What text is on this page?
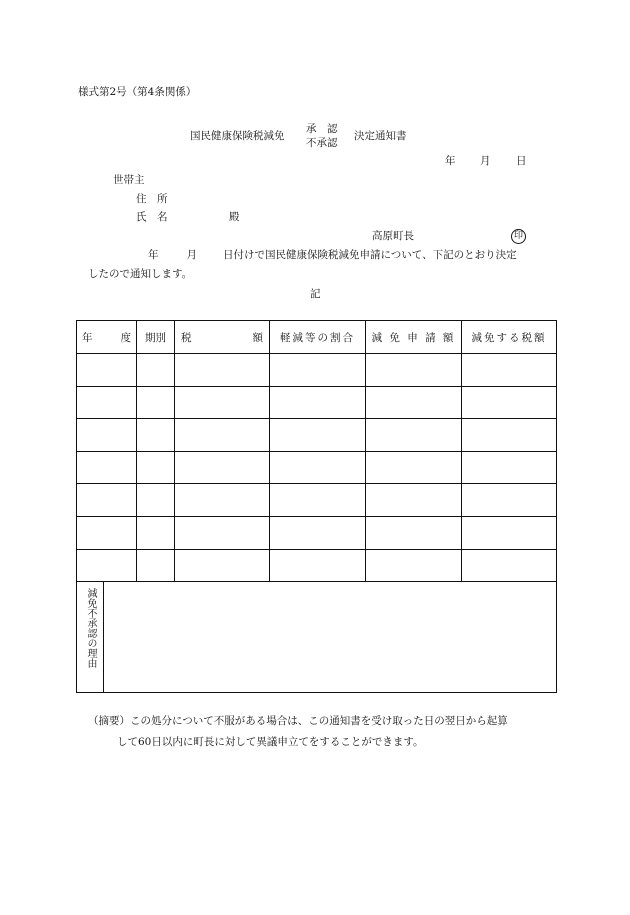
様式第2号（第4条関係）
国民健康保険税減免
承　認
不承認
決定通知書
年 月 日
世帯主
住　所
氏　名	殿
高原町長	印
年	月 日付けで国民健康保険税減免申請について、下記のとおり決定
したので通知します。
記
年 度		期別	税 額	軽減等の割合	減 免 申 請 額	減免する税額

減免不承認の理由						

（摘要）この処分について不服がある場合は、この通知書を受け取った日の翌日から起算
して60日以内に町長に対して異議申立てをすることができます。
